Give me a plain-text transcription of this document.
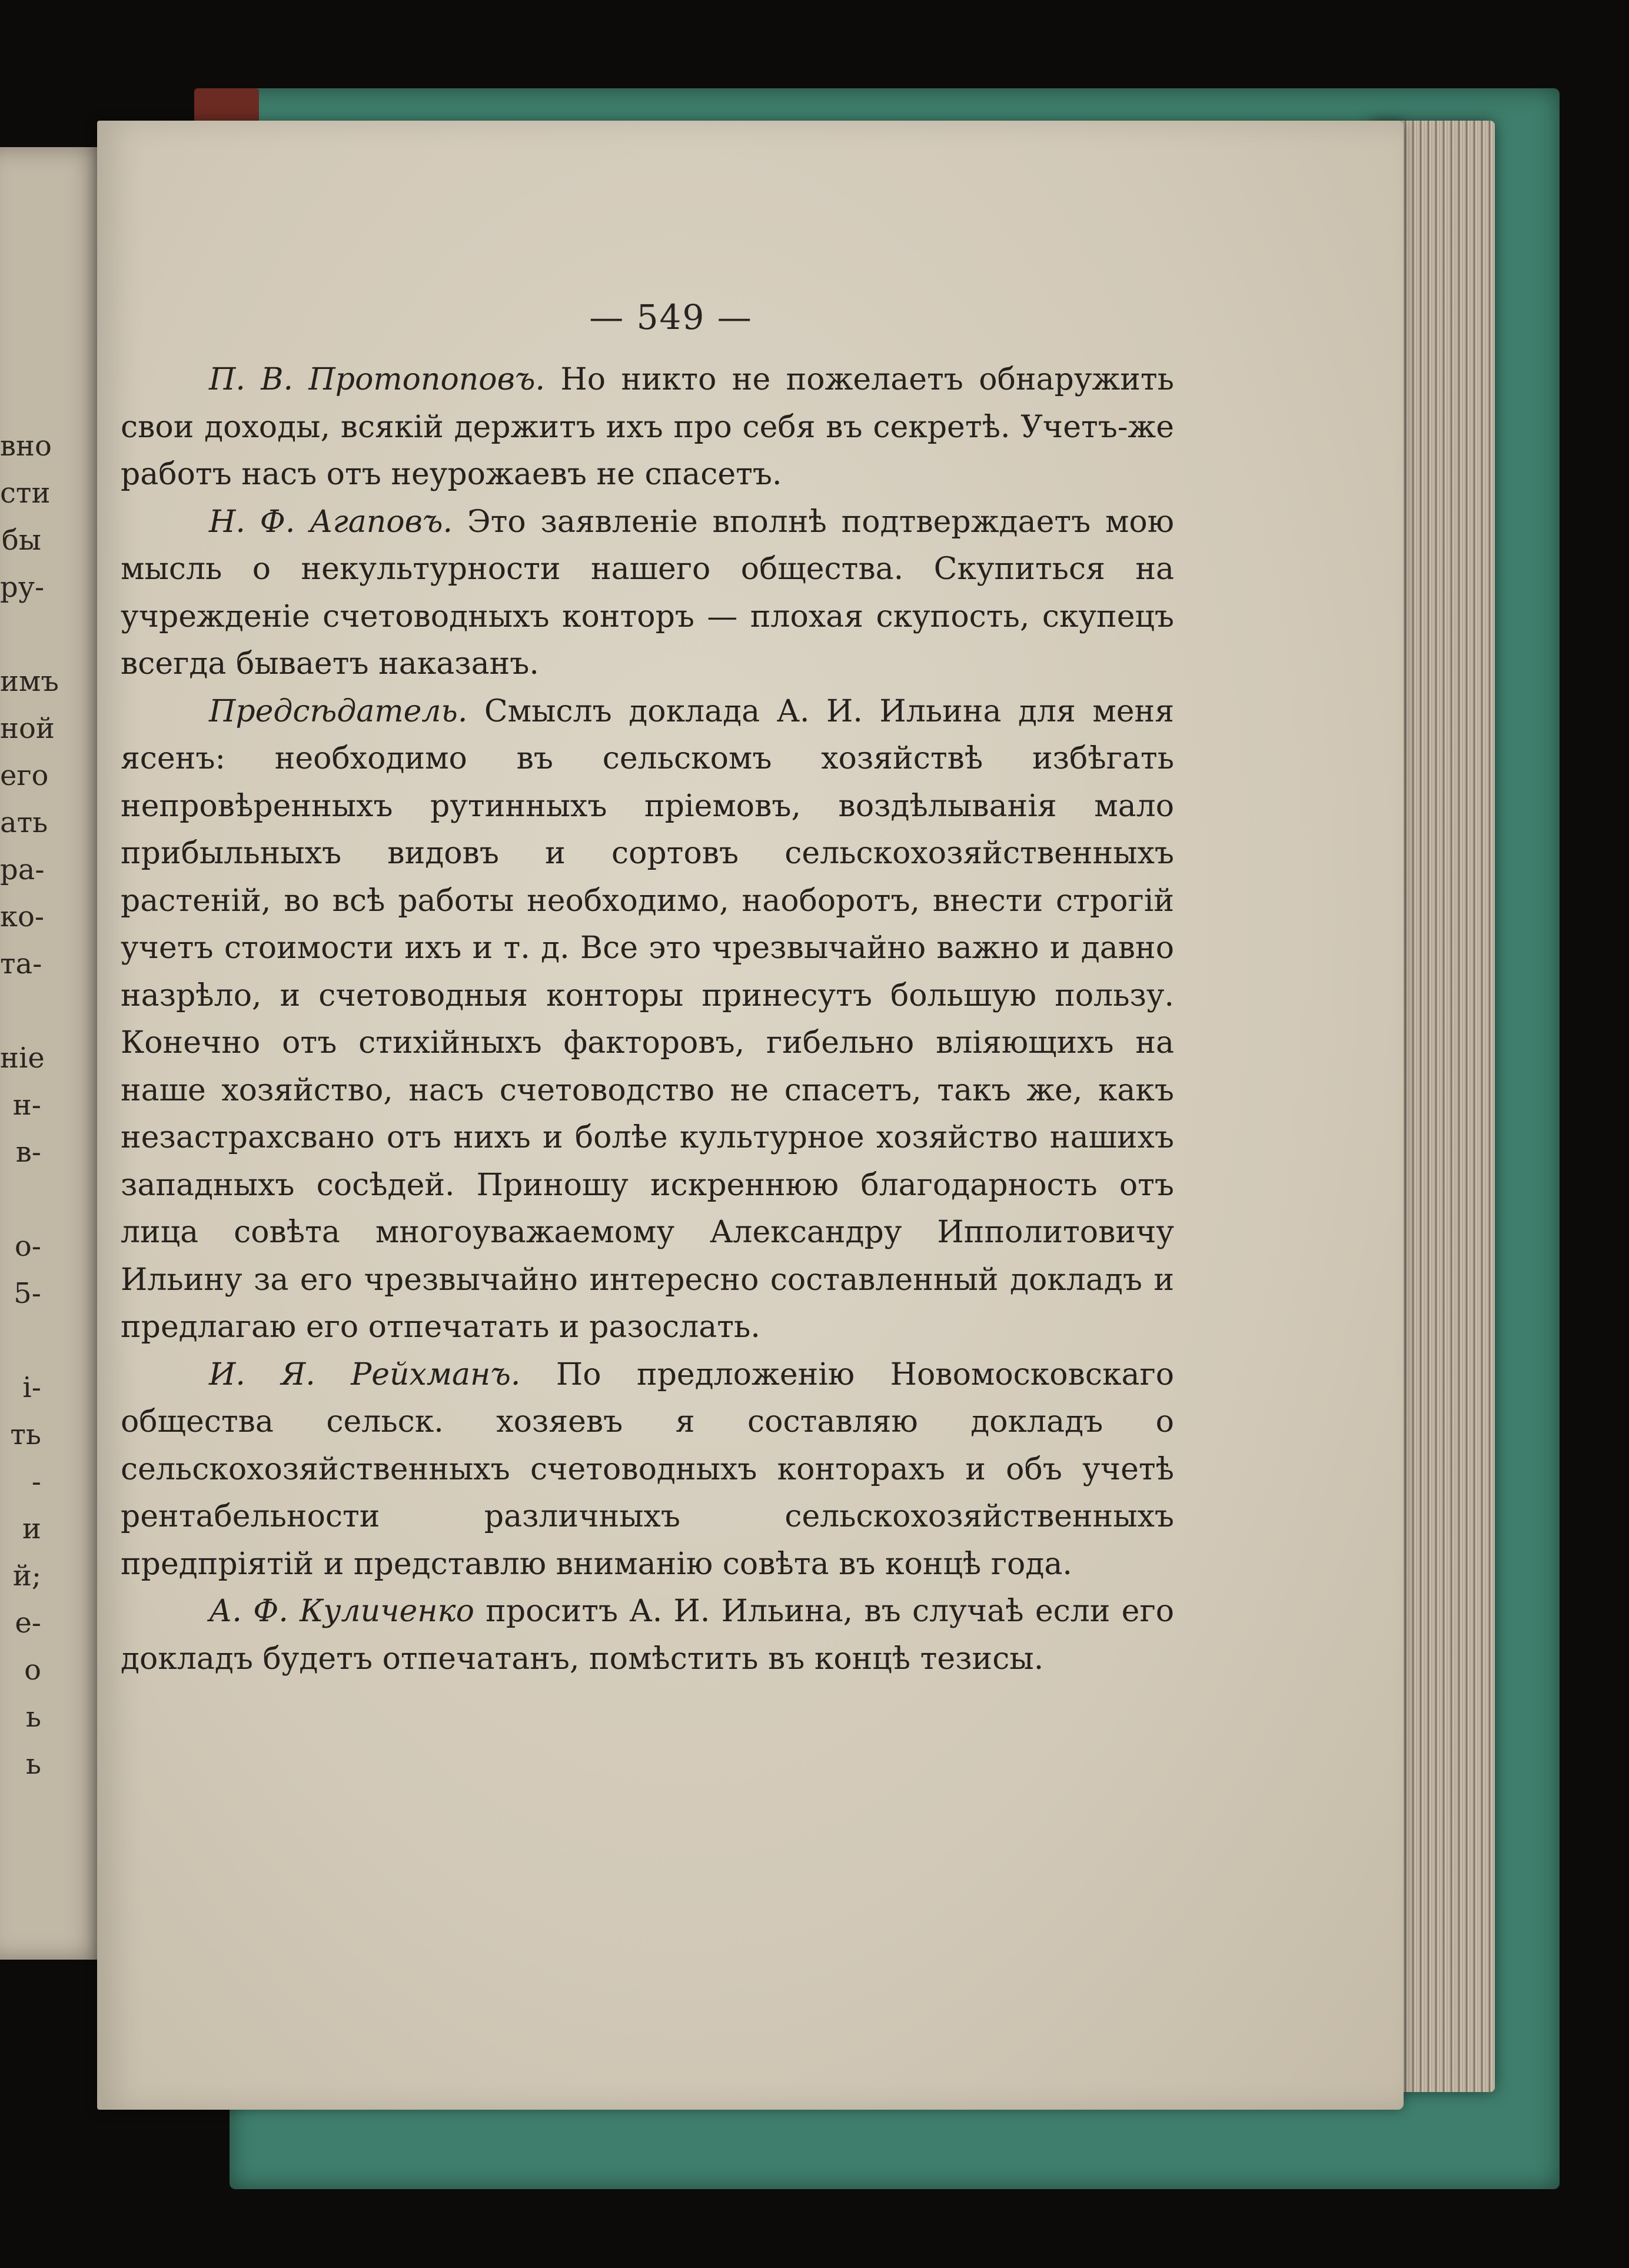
вно
сти
бы
ру-
имъ
ной
его
ать
ра-
ко-
та-
ніе
н-
в-
о-
5-
і-
ть
-
и
й;
е-
о
ь
ь
— 549 —

П. В. Протопоповъ. Но никто не пожелаетъ обнаружить свои доходы, всякій держитъ ихъ про себя въ секретѣ. Учетъ-же работъ насъ отъ неурожаевъ не спасетъ.

Н. Ф. Агаповъ. Это заявленіе вполнѣ подтверждаетъ мою мысль о некультурности нашего общества. Скупиться на учрежденіе счетоводныхъ конторъ — плохая скупость, скупецъ всегда бываетъ наказанъ.

Предсѣдатель. Смыслъ доклада А. И. Ильина для меня ясенъ: необходимо въ сельскомъ хозяйствѣ избѣгать непровѣренныхъ рутинныхъ пріемовъ, воздѣлыванія мало прибыльныхъ видовъ и сортовъ сельскохозяйственныхъ растеній, во всѣ работы необходимо, наоборотъ, внести строгій учетъ стоимости ихъ и т. д. Все это чрезвычайно важно и давно назрѣло, и счетоводныя конторы принесутъ большую пользу. Конечно отъ стихійныхъ факторовъ, гибельно вліяющихъ на наше хозяйство, насъ счетоводство не спасетъ, такъ же, какъ незастрахсвано отъ нихъ и болѣе культурное хозяйство нашихъ западныхъ сосѣдей. Приношу искреннюю благодарность отъ лица совѣта многоуважаемому Александру Ипполитовичу Ильину за его чрезвычайно интересно составленный докладъ и предлагаю его отпечатать и разослать.

И. Я. Рейхманъ. По предложенію Новомосковскаго общества сельск. хозяевъ я составляю докладъ о сельскохозяйственныхъ счетоводныхъ конторахъ и объ учетѣ рентабельности различныхъ сельскохозяйственныхъ предпріятій и представлю вниманію совѣта въ концѣ года.

А. Ф. Куличенко проситъ А. И. Ильина, въ случаѣ если его докладъ будетъ отпечатанъ, помѣстить въ концѣ тезисы.
